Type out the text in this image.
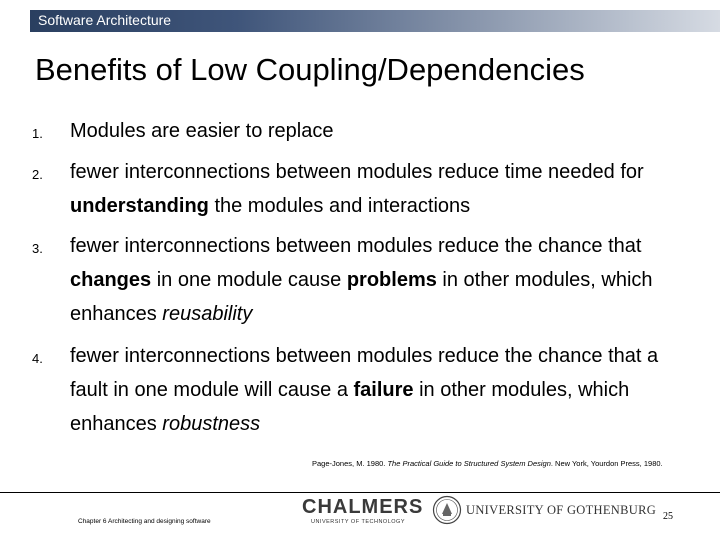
Software Architecture
Benefits of Low Coupling/Dependencies
1.	Modules are easier to replace
2.	fewer interconnections between modules reduce time needed for understanding the modules and interactions
3.	fewer interconnections between modules reduce the chance that changes in one module cause problems in other modules, which enhances reusability
4.	fewer interconnections between modules reduce the chance that a fault in one module will cause a failure in other modules, which enhances robustness
Page-Jones, M. 1980. The Practical Guide to Structured System Design. New York, Yourdon Press, 1980.
Chapter 6 Architecting and designing software
CHALMERS
UNIVERSITY OF TECHNOLOGY
UNIVERSITY OF GOTHENBURG 25
